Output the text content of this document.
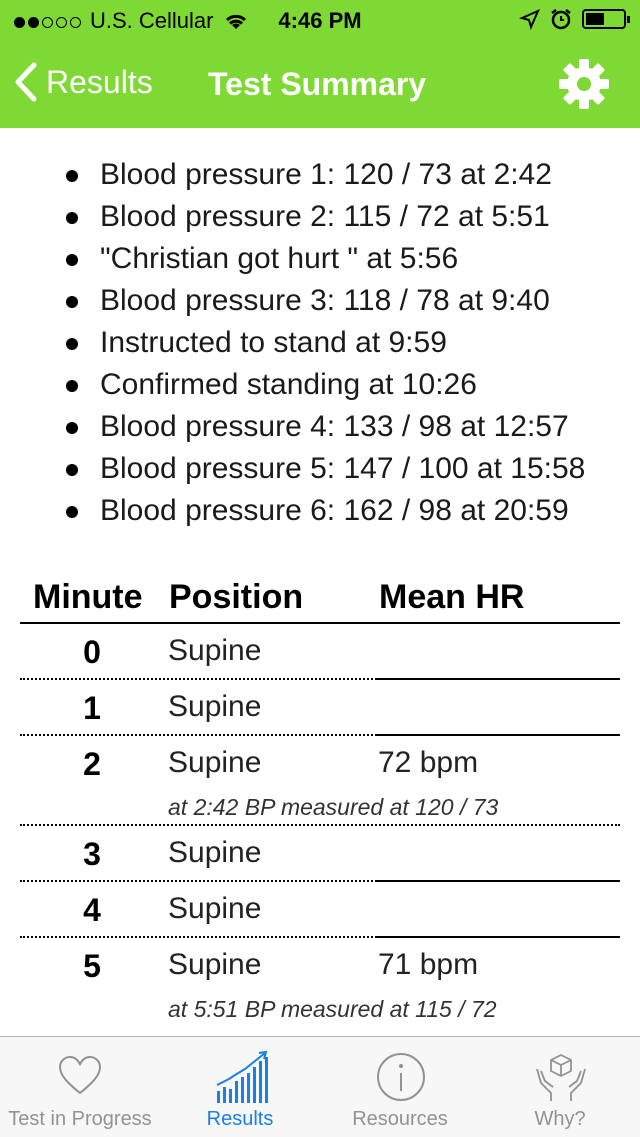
U.S. Cellular	4:46 PM
Results Test Summary
Blood pressure 1: 120 / 73 at 2:42
Blood pressure 2: 115 / 72 at 5:51
"Christian got hurt " at 5:56
Blood pressure 3: 118 / 78 at 9:40
Instructed to stand at 9:59
Confirmed standing at 10:26
Blood pressure 4: 133 / 98 at 12:57
Blood pressure 5: 147 / 100 at 15:58
Blood pressure 6: 162 / 98 at 20:59
Minute Position Mean HR
0	Supine
1	Supine
2	Supine	72 bpm
at 2:42 BP measured at 120 / 73
3	Supine
4	Supine
5	Supine	71 bpm
at 5:51 BP measured at 115 / 72
Test in Progress	Results	Resources	Why?
